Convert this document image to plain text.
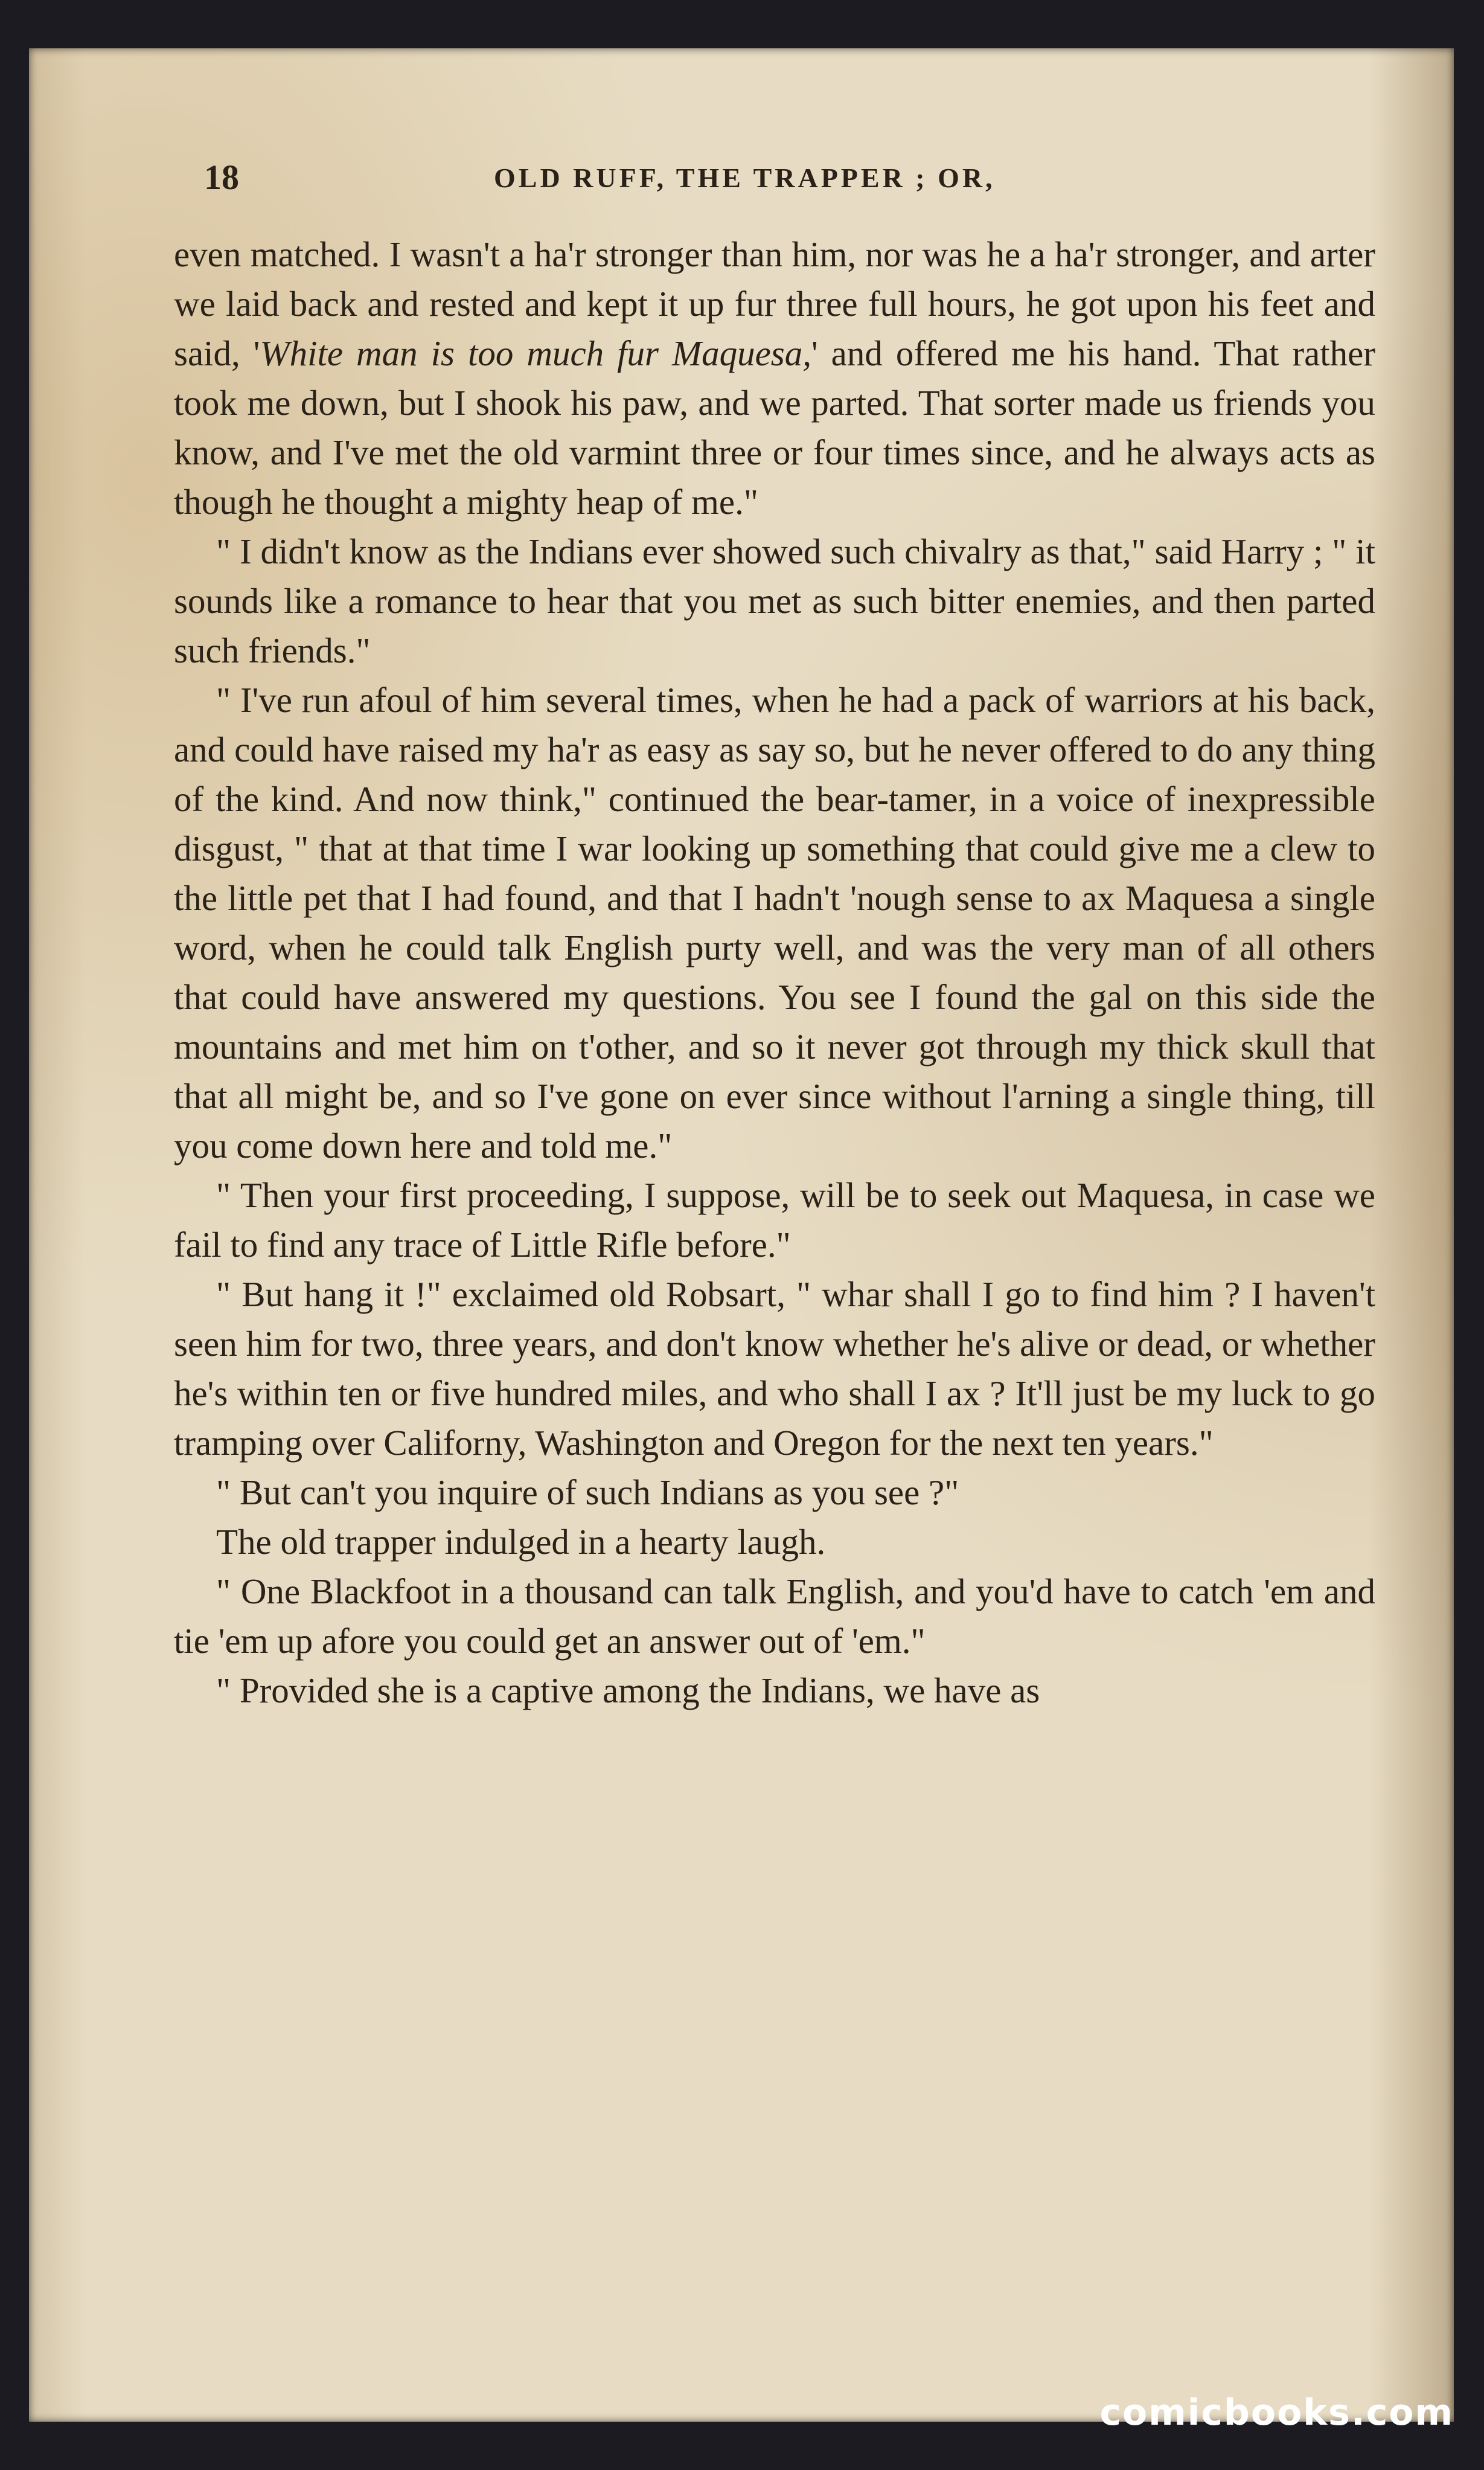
18	OLD RUFF, THE TRAPPER ; OR,

even matched. I wasn't a ha'r stronger than him, nor was he a ha'r stronger, and arter we laid back and rested and kept it up fur three full hours, he got upon his feet and said, 'White man is too much fur Maquesa,' and offered me his hand. That rather took me down, but I shook his paw, and we parted. That sorter made us friends you know, and I've met the old varmint three or four times since, and he always acts as though he thought a mighty heap of me."

" I didn't know as the Indians ever showed such chivalry as that," said Harry ; " it sounds like a romance to hear that you met as such bitter enemies, and then parted such friends."

" I've run afoul of him several times, when he had a pack of warriors at his back, and could have raised my ha'r as easy as say so, but he never offered to do any thing of the kind. And now think," continued the bear-tamer, in a voice of inexpressible disgust, " that at that time I war looking up something that could give me a clew to the little pet that I had found, and that I hadn't 'nough sense to ax Maquesa a single word, when he could talk English purty well, and was the very man of all others that could have answered my questions. You see I found the gal on this side the mountains and met him on t'other, and so it never got through my thick skull that that all might be, and so I've gone on ever since without l'arning a single thing, till you come down here and told me."

" Then your first proceeding, I suppose, will be to seek out Maquesa, in case we fail to find any trace of Little Rifle before."

" But hang it !" exclaimed old Robsart, " whar shall I go to find him ? I haven't seen him for two, three years, and don't know whether he's alive or dead, or whether he's within ten or five hundred miles, and who shall I ax ? It'll just be my luck to go tramping over Californy, Washington and Oregon for the next ten years."

" But can't you inquire of such Indians as you see ?"

The old trapper indulged in a hearty laugh.

" One Blackfoot in a thousand can talk English, and you'd have to catch 'em and tie 'em up afore you could get an answer out of 'em."

" Provided she is a captive among the Indians, we have as

comicbooks.com
